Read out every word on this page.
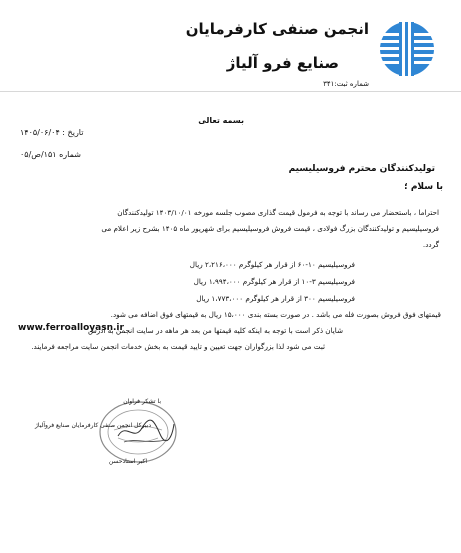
انجمن صنفی کارفرمایان
صنایع فرو آلیاژ
شماره ثبت:۳۴۱
بسمه تعالی
تاریخ : ۱۴۰۵/۰۶/۰۴
شماره ۱۵۱/ص/۰۵
تولیدکنندگان محترم فروسیلیسیم
با سلام ؛
احتراما ، باستحضار می رساند با توجه به فرمول قیمت گذاری مصوب جلسه مورخه ۱۴۰۳/۱۰/۰۱ تولیدکنندگان
فروسیلیسیم و تولیدکنندگان بزرگ فولادی ، قیمت فروش فروسیلیسیم برای شهریور ماه ۱۴۰۵ بشرح زیر اعلام می
گردد.
فروسیلیسیم ۱۰-۶۰ از قرار هر کیلوگرم ۲،۲۱۶،۰۰۰ ریال
فروسیلیسیم ۳-۱۰ از قرار هر کیلوگرم ۱،۹۹۴،۰۰۰ ریال
فروسیلیسیم ۳۰۰ از قرار هر کیلوگرم ۱،۷۷۳،۰۰۰ ریال
قیمتهای فوق فروش بصورت فله می باشد . در صورت بسته بندی ۱۵،۰۰۰ ریال به قیمتهای فوق اضافه می شود.
شایان ذکر است با توجه به اینکه کلیه قیمتها من بعد هر ماهه در سایت انجمن به آدرس
www.ferroalloyasn.ir
ثبت می شود لذا بزرگواران جهت تعیین و تایید قیمت به بخش خدمات انجمن سایت مراجعه فرمایند.
با تشکر فراوان
دبیرکل انجمن صنفی کارفرمایان صنایع فروآلیاژ
اکبر استادحسن
